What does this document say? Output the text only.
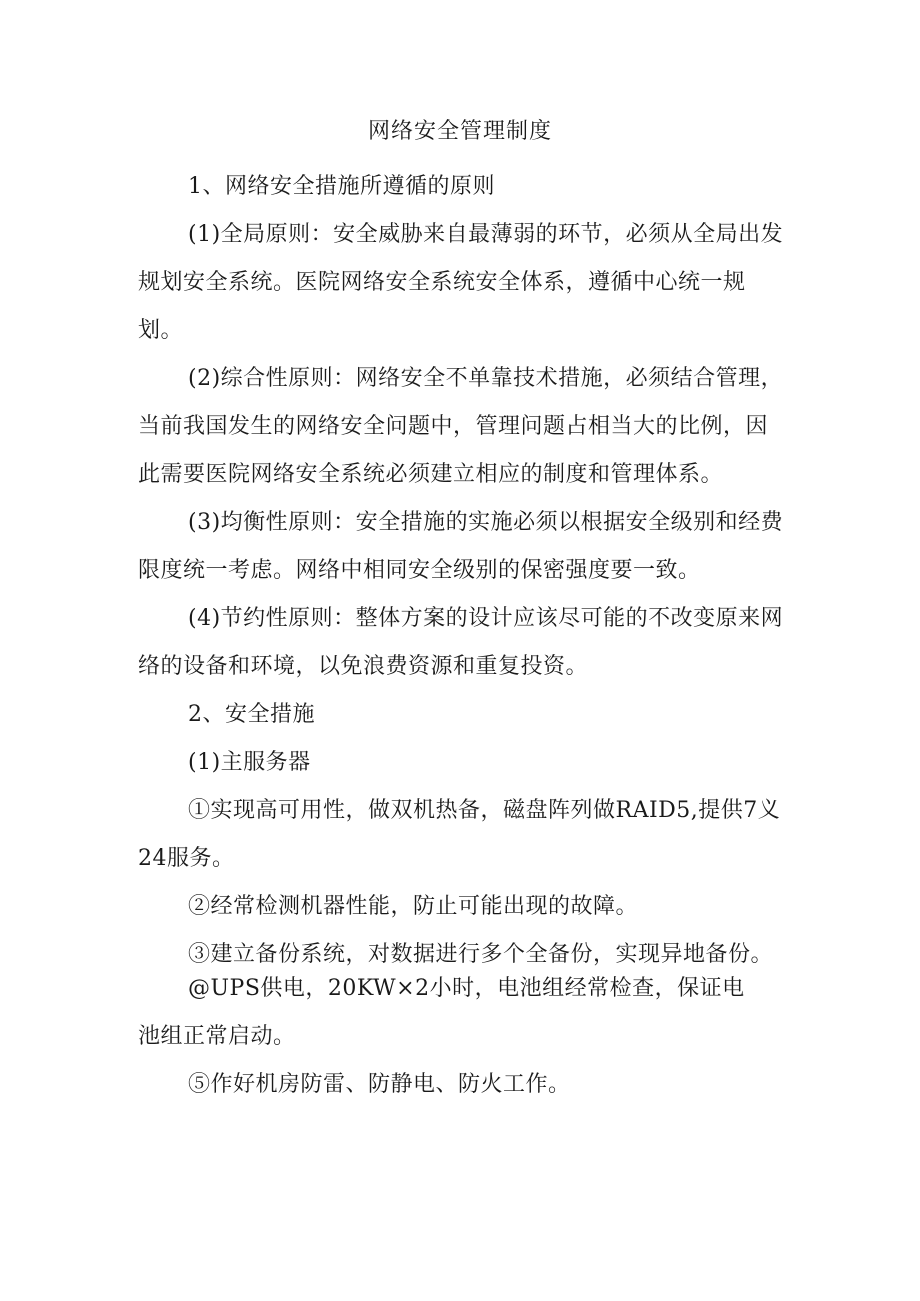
网络安全管理制度

1、网络安全措施所遵循的原则

(1)全局原则：安全威胁来自最薄弱的环节，必须从全局出发规划安全系统。医院网络安全系统安全体系，遵循中心统一规划。

(2)综合性原则：网络安全不单靠技术措施，必须结合管理，当前我国发生的网络安全问题中，管理问题占相当大的比例，因此需要医院网络安全系统必须建立相应的制度和管理体系。

(3)均衡性原则：安全措施的实施必须以根据安全级别和经费限度统一考虑。网络中相同安全级别的保密强度要一致。

(4)节约性原则：整体方案的设计应该尽可能的不改变原来网络的设备和环境，以免浪费资源和重复投资。

2、安全措施

(1)主服务器

①实现高可用性，做双机热备，磁盘阵列做RAID5,提供7义24服务。

②经常检测机器性能，防止可能出现的故障。

③建立备份系统，对数据进行多个全备份，实现异地备份。

@UPS供电，20KW×2小时，电池组经常检查，保证电

池组正常启动。

⑤作好机房防雷、防静电、防火工作。
